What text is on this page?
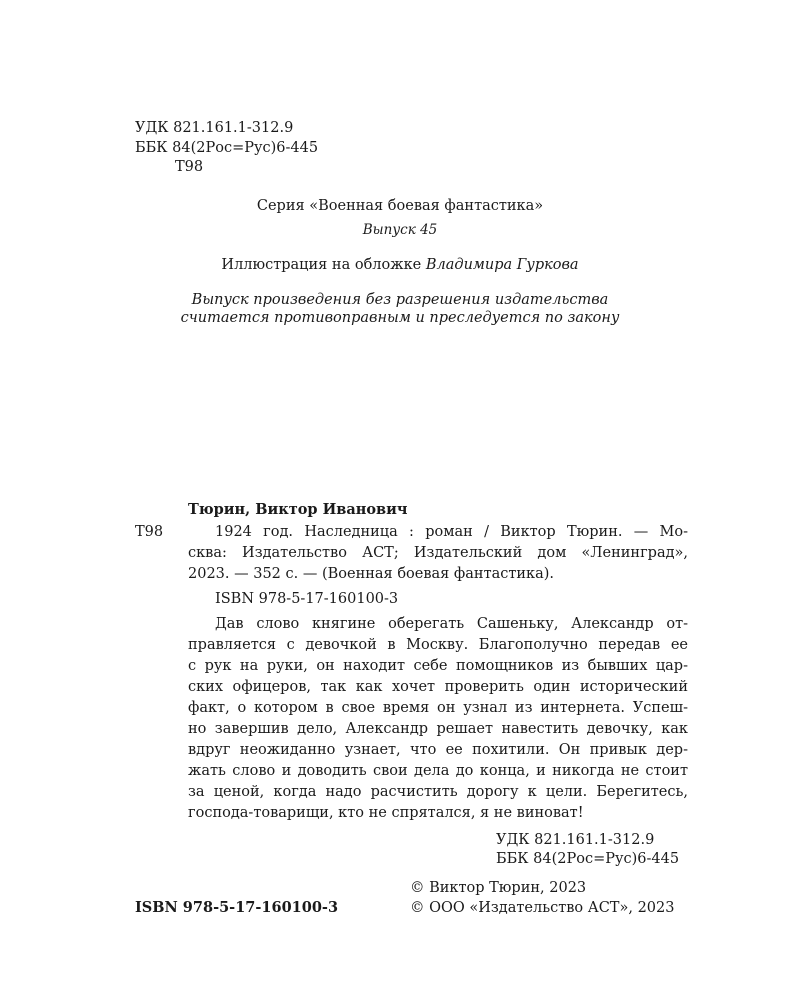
УДК 821.161.1-312.9
ББК 84(2Рос=Рус)6-445
Т98
Серия «Военная боевая фантастика»
Выпуск 45
Иллюстрация на обложке Владимира Гуркова
Выпуск произведения без разрешения издательства
считается противоправным и преследуется по закону
Тюрин, Виктор Иванович
Т98	1924 год. Наследница : роман / Виктор Тюрин. — Мо-
сква: Издательство АСТ; Издательский дом «Ленинград»,
2023. — 352 с. — (Военная боевая фантастика).
ISBN 978-5-17-160100-3
Дав слово княгине оберегать Сашеньку, Александр от-
правляется с девочкой в Москву. Благополучно передав ее
с рук на руки, он находит себе помощников из бывших цар-
ских офицеров, так как хочет проверить один исторический
факт, о котором в свое время он узнал из интернета. Успеш-
но завершив дело, Александр решает навестить девочку, как
вдруг неожиданно узнает, что ее похитили. Он привык дер-
жать слово и доводить свои дела до конца, и никогда не стоит
за ценой, когда надо расчистить дорогу к цели. Берегитесь,
господа-товарищи, кто не спрятался, я не виноват!
УДК 821.161.1-312.9
ББК 84(2Рос=Рус)6-445
© Виктор Тюрин, 2023
ISBN 978-5-17-160100-3	© ООО «Издательство АСТ», 2023
